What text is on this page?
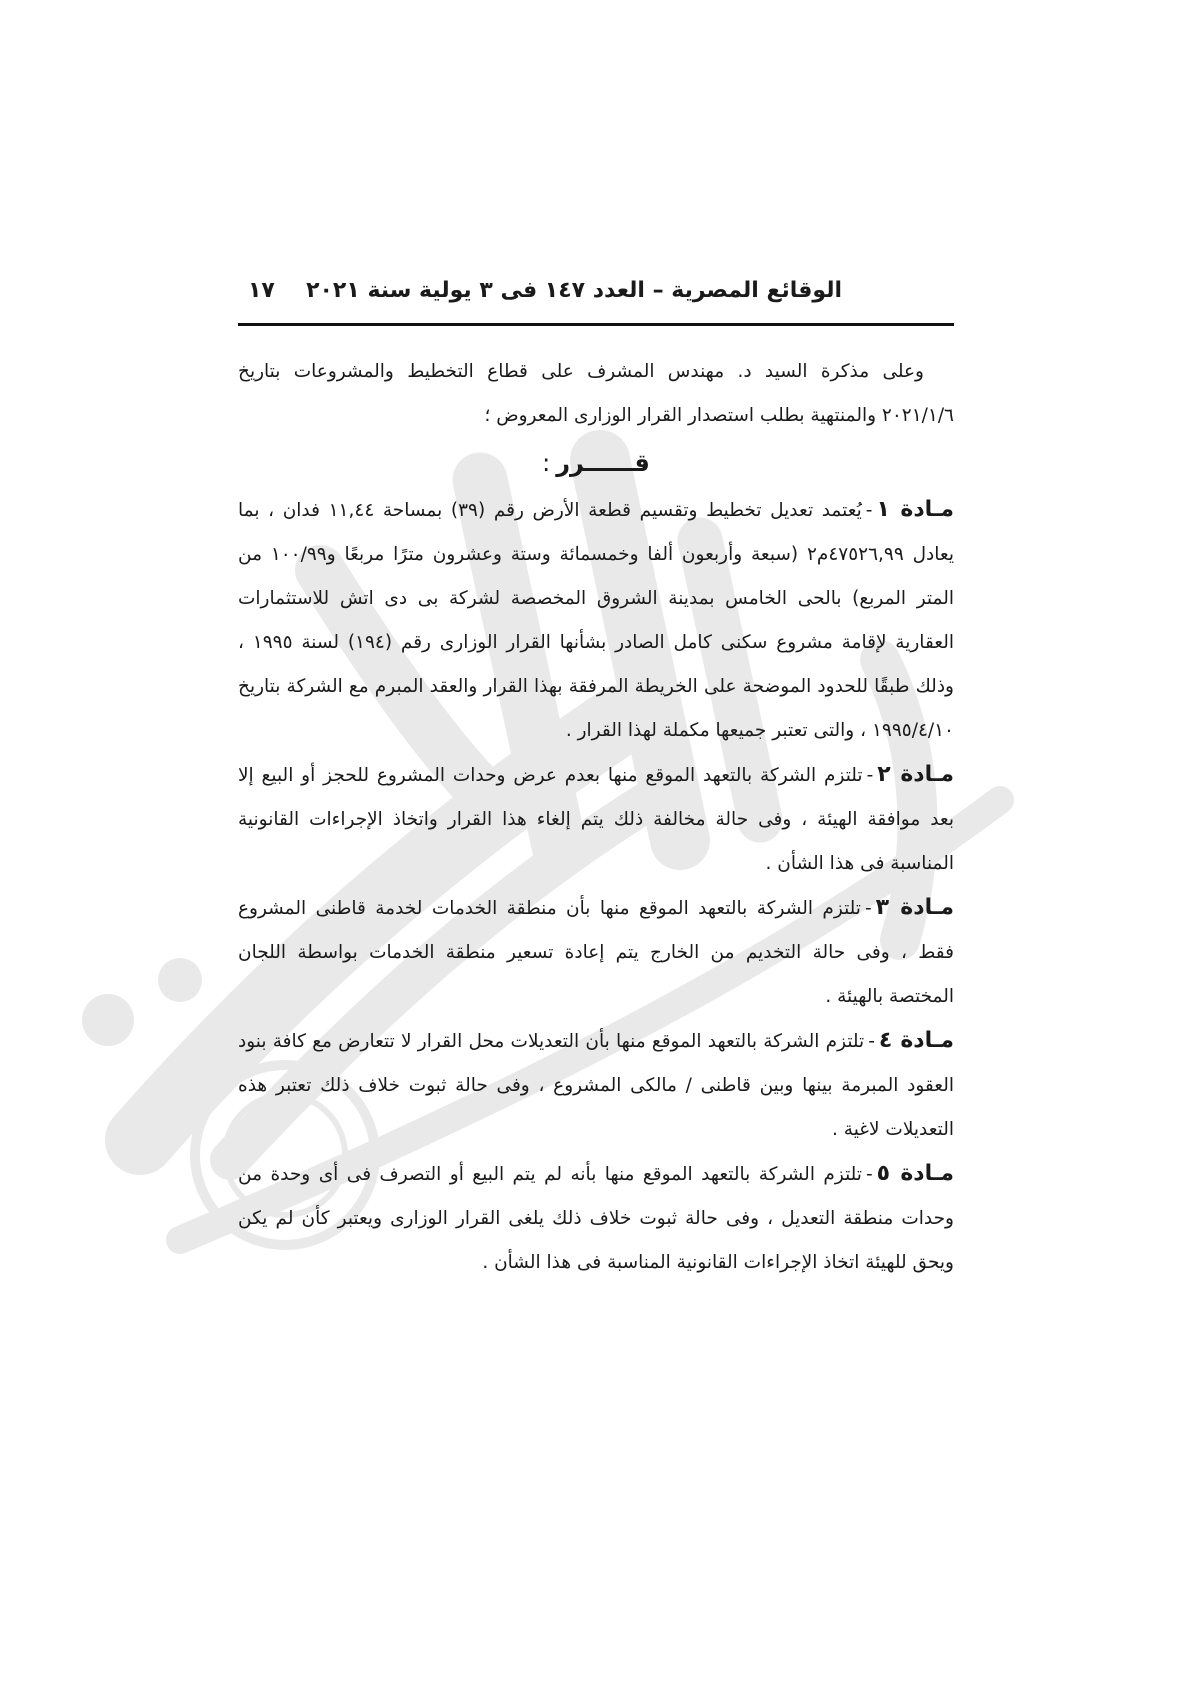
الوقائع المصرية – العدد ١٤٧ فى ٣ يولية سنة ٢٠٢١
١٧

وعلى مذكرة السيد د. مهندس المشرف على قطاع التخطيط والمشروعات بتاريخ ٢٠٢١/١/٦ والمنتهية بطلب استصدار القرار الوزارى المعروض ؛

قــــــرر:

مـادة ١-يُعتمد تعديل تخطيط وتقسيم قطعة الأرض رقم (٣٩) بمساحة ١١,٤٤ فدان ، بما يعادل ٤٧٥٢٦,٩٩م٢ (سبعة وأربعون ألفا وخمسمائة وستة وعشرون مترًا مربعًا و١٠٠/٩٩ من المتر المربع) بالحى الخامس بمدينة الشروق المخصصة لشركة بى دى اتش للاستثمارات العقارية لإقامة مشروع سكنى كامل الصادر بشأنها القرار الوزارى رقم (١٩٤) لسنة ١٩٩٥ ، وذلك طبقًا للحدود الموضحة على الخريطة المرفقة بهذا القرار والعقد المبرم مع الشركة بتاريخ ١٩٩٥/٤/١٠ ، والتى تعتبر جميعها مكملة لهذا القرار .

مـادة ٢-تلتزم الشركة بالتعهد الموقع منها بعدم عرض وحدات المشروع للحجز أو البيع إلا بعد موافقة الهيئة ، وفى حالة مخالفة ذلك يتم إلغاء هذا القرار واتخاذ الإجراءات القانونية المناسبة فى هذا الشأن .

مـادة ٣-تلتزم الشركة بالتعهد الموقع منها بأن منطقة الخدمات لخدمة قاطنى المشروع فقط ، وفى حالة التخديم من الخارج يتم إعادة تسعير منطقة الخدمات بواسطة اللجان المختصة بالهيئة .

مـادة ٤-تلتزم الشركة بالتعهد الموقع منها بأن التعديلات محل القرار لا تتعارض مع كافة بنود العقود المبرمة بينها وبين قاطنى / مالكى المشروع ، وفى حالة ثبوت خلاف ذلك تعتبر هذه التعديلات لاغية .

مـادة ٥-تلتزم الشركة بالتعهد الموقع منها بأنه لم يتم البيع أو التصرف فى أى وحدة من وحدات منطقة التعديل ، وفى حالة ثبوت خلاف ذلك يلغى القرار الوزارى ويعتبر كأن لم يكن ويحق للهيئة اتخاذ الإجراءات القانونية المناسبة فى هذا الشأن .
